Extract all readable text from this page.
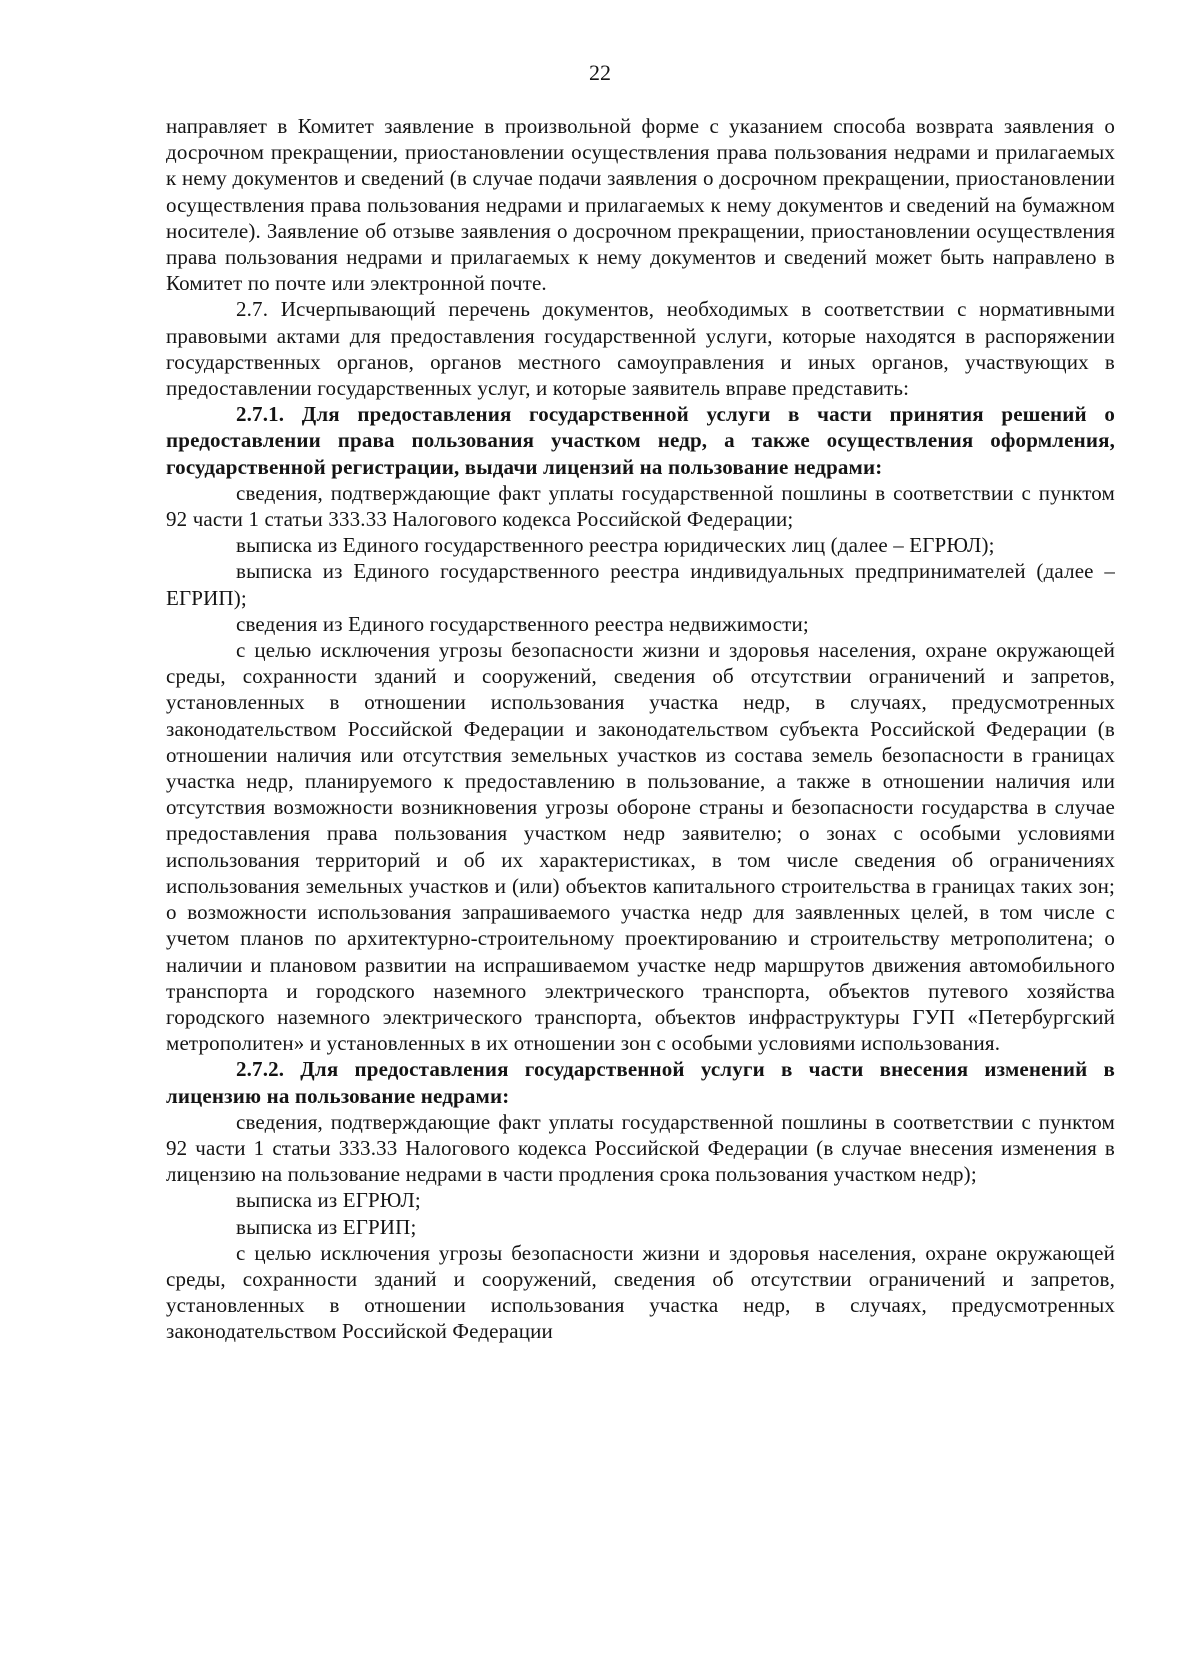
22

направляет в Комитет заявление в произвольной форме с указанием способа возврата заявления о досрочном прекращении, приостановлении осуществления права пользования недрами и прилагаемых к нему документов и сведений (в случае подачи заявления о досрочном прекращении, приостановлении осуществления права пользования недрами и прилагаемых к нему документов и сведений на бумажном носителе). Заявление об отзыве заявления о досрочном прекращении, приостановлении осуществления права пользования недрами и прилагаемых к нему документов и сведений может быть направлено в Комитет по почте или электронной почте.

2.7. Исчерпывающий перечень документов, необходимых в соответствии с нормативными правовыми актами для предоставления государственной услуги, которые находятся в распоряжении государственных органов, органов местного самоуправления и иных органов, участвующих в предоставлении государственных услуг, и которые заявитель вправе представить:

2.7.1. Для предоставления государственной услуги в части принятия решений о предоставлении права пользования участком недр, а также осуществления оформления, государственной регистрации, выдачи лицензий на пользование недрами:

сведения, подтверждающие факт уплаты государственной пошлины в соответствии с пунктом 92 части 1 статьи 333.33 Налогового кодекса Российской Федерации;

выписка из Единого государственного реестра юридических лиц (далее – ЕГРЮЛ);

выписка из Единого государственного реестра индивидуальных предпринимателей (далее – ЕГРИП);

сведения из Единого государственного реестра недвижимости;

с целью исключения угрозы безопасности жизни и здоровья населения, охране окружающей среды, сохранности зданий и сооружений, сведения об отсутствии ограничений и запретов, установленных в отношении использования участка недр, в случаях, предусмотренных законодательством Российской Федерации и законодательством субъекта Российской Федерации (в отношении наличия или отсутствия земельных участков из состава земель безопасности в границах участка недр, планируемого к предоставлению в пользование, а также в отношении наличия или отсутствия возможности возникновения угрозы обороне страны и безопасности государства в случае предоставления права пользования участком недр заявителю; о зонах с особыми условиями использования территорий и об их характеристиках, в том числе сведения об ограничениях использования земельных участков и (или) объектов капитального строительства в границах таких зон; о возможности использования запрашиваемого участка недр для заявленных целей, в том числе с учетом планов по архитектурно-строительному проектированию и строительству метрополитена; о наличии и плановом развитии на испрашиваемом участке недр маршрутов движения автомобильного транспорта и городского наземного электрического транспорта, объектов путевого хозяйства городского наземного электрического транспорта, объектов инфраструктуры ГУП «Петербургский метрополитен» и установленных в их отношении зон с особыми условиями использования.

2.7.2. Для предоставления государственной услуги в части внесения изменений в лицензию на пользование недрами:

сведения, подтверждающие факт уплаты государственной пошлины в соответствии с пунктом 92 части 1 статьи 333.33 Налогового кодекса Российской Федерации (в случае внесения изменения в лицензию на пользование недрами в части продления срока пользования участком недр);

выписка из ЕГРЮЛ;

выписка из ЕГРИП;

с целью исключения угрозы безопасности жизни и здоровья населения, охране окружающей среды, сохранности зданий и сооружений, сведения об отсутствии ограничений и запретов, установленных в отношении использования участка недр, в случаях, предусмотренных законодательством Российской Федерации
